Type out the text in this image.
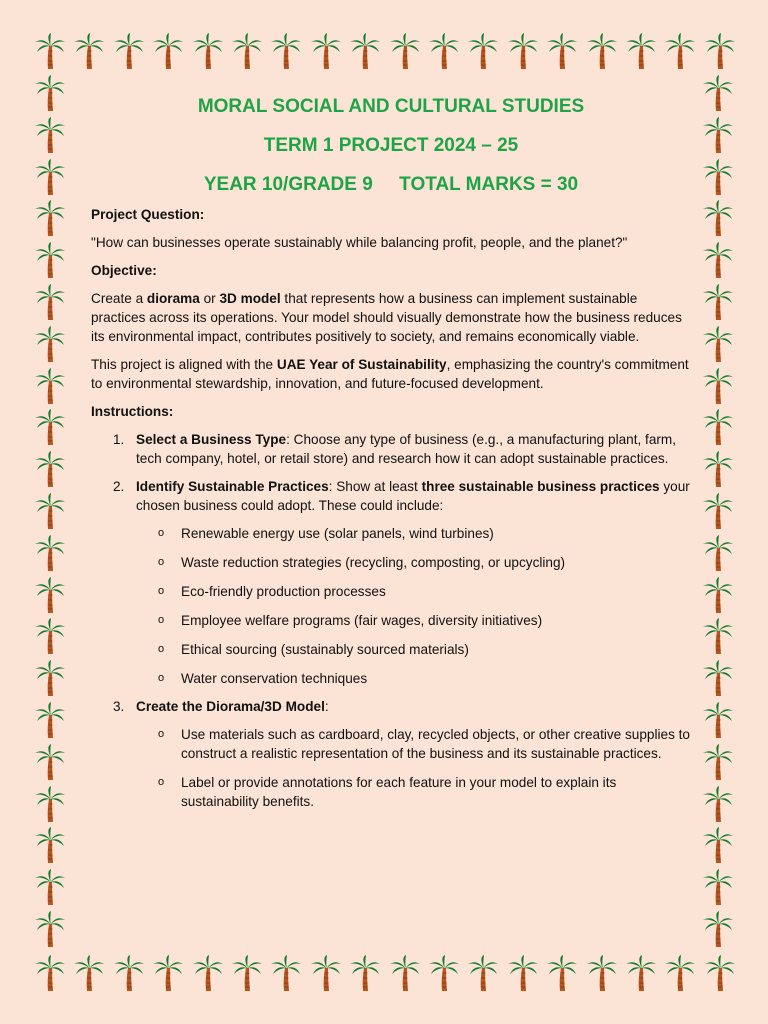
MORAL SOCIAL AND CULTURAL STUDIES
TERM 1 PROJECT 2024 – 25
YEAR 10/GRADE 9     TOTAL MARKS = 30

Project Question:

"How can businesses operate sustainably while balancing profit, people, and the planet?"

Objective:

Create a diorama or 3D model that represents how a business can implement sustainable practices across its operations. Your model should visually demonstrate how the business reduces its environmental impact, contributes positively to society, and remains economically viable.

This project is aligned with the UAE Year of Sustainability, emphasizing the country's commitment to environmental stewardship, innovation, and future-focused development.

Instructions:

1. Select a Business Type: Choose any type of business (e.g., a manufacturing plant, farm, tech company, hotel, or retail store) and research how it can adopt sustainable practices.
2. Identify Sustainable Practices: Show at least three sustainable business practices your chosen business could adopt. These could include:
o Renewable energy use (solar panels, wind turbines)
o Waste reduction strategies (recycling, composting, or upcycling)
o Eco-friendly production processes
o Employee welfare programs (fair wages, diversity initiatives)
o Ethical sourcing (sustainably sourced materials)
o Water conservation techniques
3. Create the Diorama/3D Model:
o Use materials such as cardboard, clay, recycled objects, or other creative supplies to construct a realistic representation of the business and its sustainable practices.
o Label or provide annotations for each feature in your model to explain its sustainability benefits.
